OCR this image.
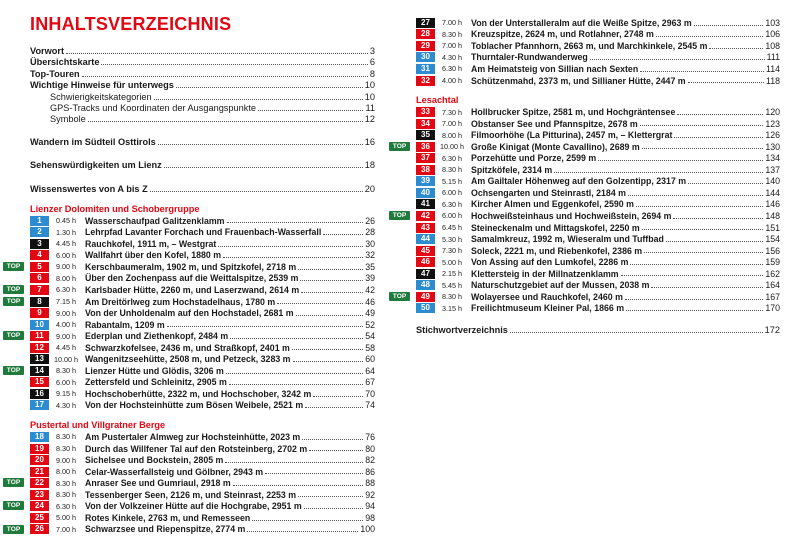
INHALTSVERZEICHNIS
Vorwort	3
Übersichtskarte	6
Top-Touren	8
Wichtige Hinweise für unterwegs	10
Schwierigkeitskategorien	10
GPS-Tracks und Koordinaten der Ausgangspunkte	11
Symbole	12
Wandern im Südteil Osttirols	16
Sehenswürdigkeiten um Lienz	18
Wissenswertes von A bis Z	20
Lienzer Dolomiten und Schobergruppe
1	0.45 h	Wasserschaufpad Galitzenklamm	26
2	1.30 h	Lehrpfad Lavanter Forchach und Frauenbach-Wasserfall	28
3	4.45 h	Rauchkofel, 1911 m, – Westgrat	30
4	6.00 h	Wallfahrt über den Kofel, 1880 m	32
TOP	5	9.00 h	Kerschbaumeralm, 1902 m, und Spitzkofel, 2718 m	35
6	8.00 h	Über den Zochenpass auf die Weittalspitze, 2539 m	39
TOP	7	6.30 h	Karlsbader Hütte, 2260 m, und Laserzwand, 2614 m	42
TOP	8	7.15 h	Am Dreitörlweg zum Hochstadelhaus, 1780 m	46
9	9.00 h	Von der Unholdenalm auf den Hochstadel, 2681 m	49
10	4.00 h	Rabantalm, 1209 m	52
TOP	11	9.00 h	Ederplan und Ziethenkopf, 2484 m	54
12	4.45 h	Schwarzkofelsee, 2436 m, und Straßkopf, 2401 m	58
13	10.00 h Wangenitzseehütte, 2508 m, und Petzeck, 3283 m	60
TOP	14	8.30 h	Lienzer Hütte und Glödis, 3206 m	64
15	6.00 h	Zettersfeld und Schleinitz, 2905 m	67
16	9.15 h	Hochschoberhütte, 2322 m, und Hochschober, 3242 m	70
17	4.30 h	Von der Hochsteinhütte zum Bösen Weibele, 2521 m	74
Pustertal und Villgratner Berge
18	8.30 h	Am Pustertaler Almweg zur Hochsteinhütte, 2023 m	76
19	8.30 h	Durch das Willfener Tal auf den Rotsteinberg, 2702 m	80
20	9.00 h	Sichelsee und Bockstein, 2805 m	82
21	8.00 h	Celar-Wasserfallsteig und Gölbner, 2943 m	86
TOP	22	8.30 h	Anraser See und Gumriaul, 2918 m	88
23	8.30 h	Tessenberger Seen, 2126 m, und Steinrast, 2253 m	92
TOP	24	6.30 h	Von der Volkzeiner Hütte auf die Hochgrabe, 2951 m	94
25	5.00 h	Rotes Kinkele, 2763 m, und Remesseen	98
TOP	26	7.00 h	Schwarzsee und Riepenspitze, 2774 m	100
27	7.00 h	Von der Unterstalleralm auf die Weiße Spitze, 2963 m	103
28	8.30 h	Kreuzspitze, 2624 m, und Rotlahner, 2748 m	106
29	7.00 h	Toblacher Pfannhorn, 2663 m, und Marchkinkele, 2545 m	108
30	4.30 h	Thurntaler-Rundwanderweg	111
31	6.30 h	Am Heimatsteig von Sillian nach Sexten	114
32	4.00 h	Schützenmahd, 2373 m, und Sillianer Hütte, 2447 m	118
Lesachtal
33	7.30 h	Hollbrucker Spitze, 2581 m, und Hochgräntensee	120
34	7.00 h	Obstanser See und Pfannspitze, 2678 m	123
35	8.00 h	Filmoorhöhe (La Pitturina), 2457 m, – Klettergrat	126
TOP	36	10.00 h Große Kinigat (Monte Cavallino), 2689 m	130
37	6.30 h	Porzehütte und Porze, 2599 m	134
38	8.30 h	Spitzköfele, 2314 m	137
39	5.15 h	Am Gailtaler Höhenweg auf den Golzentipp, 2317 m	140
40	6.00 h	Ochsengarten und Steinrastl, 2184 m	144
41	6.30 h	Kircher Almen und Eggenkofel, 2590 m	146
TOP	42	6.00 h	Hochweißsteinhaus und Hochweißstein, 2694 m	148
43	6.45 h	Steineckenalm und Mittagskofel, 2250 m	151
44	5.30 h	Samalmkreuz, 1992 m, Wieseralm und Tuffbad	154
45	7.30 h	Soleck, 2221 m, und Riebenkofel, 2386 m	156
46	5.00 h	Von Assing auf den Lumkofel, 2286 m	159
47	2.15 h	Klettersteig in der Millnatzenklamm	162
48	5.45 h	Naturschutzgebiet auf der Mussen, 2038 m	164
TOP	49	8.30 h	Wolayersee und Rauchkofel, 2460 m	167
50	3.15 h	Freilichtmuseum Kleiner Pal, 1866 m	170
Stichwortverzeichnis	172
